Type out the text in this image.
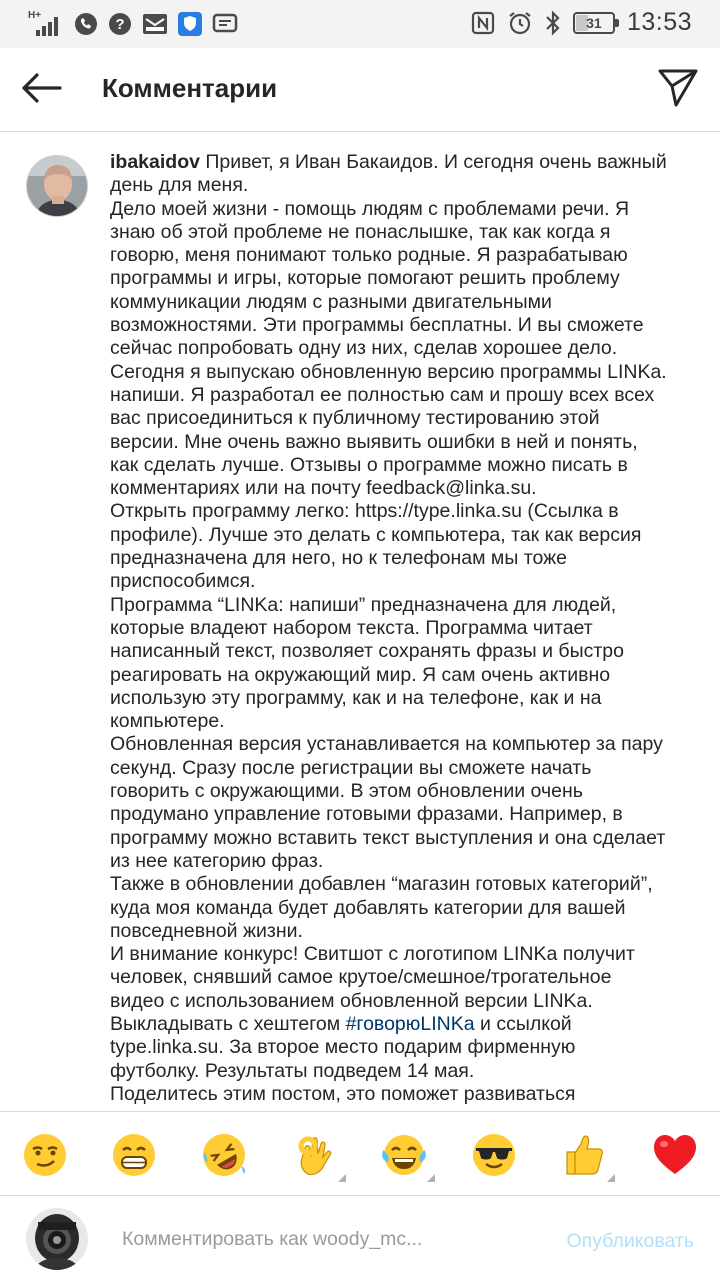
H+
?	31 13:53
Комментарии
ibakaidov Привет, я Иван Бакаидов. И сегодня очень важный день для меня.
Дело моей жизни - помощь людям с проблемами речи. Я знаю об этой проблеме не понаслышке, так как когда я говорю, меня понимают только родные. Я разрабатываю программы и игры, которые помогают решить проблему коммуникации людям с разными двигательными возможностями. Эти программы бесплатны. И вы сможете сейчас попробовать одну из них, сделав хорошее дело.
Сегодня я выпускаю обновленную версию программы LINKa. напиши. Я разработал ее полностью сам и прошу всех всех вас присоединиться к публичному тестированию этой версии. Мне очень важно выявить ошибки в ней и понять, как сделать лучше. Отзывы о программе можно писать в комментариях или на почту feedback@linka.su.
Открыть программу легко: https://type.linka.su (Ссылка в профиле). Лучше это делать с компьютера, так как версия предназначена для него, но к телефонам мы тоже приспособимся.
Программа “LINKa: напиши” предназначена для людей, которые владеют набором текста. Программа читает написанный текст, позволяет сохранять фразы и быстро реагировать на окружающий мир. Я сам очень активно использую эту программу, как и на телефоне, как и на компьютере.
Обновленная версия устанавливается на компьютер за пару секунд. Сразу после регистрации вы сможете начать говорить с окружающими. В этом обновлении очень продумано управление готовыми фразами. Например, в программу можно вставить текст выступления и она сделает из нее категорию фраз.
Также в обновлении добавлен “магазин готовых категорий”, куда моя команда будет добавлять категории для вашей повседневной жизни.
И внимание конкурс! Свитшот с логотипом LINKa получит человек, снявший самое крутое/смешное/трогательное видео с использованием обновленной версии LINKa. Выкладывать с хештегом #говорюLINKa и ссылкой type.linka.su. За второе место подарим фирменную футболку. Результаты подведем 14 мая.
Поделитесь этим постом, это поможет развиваться
Комментировать как woody_mc...
Опубликовать
